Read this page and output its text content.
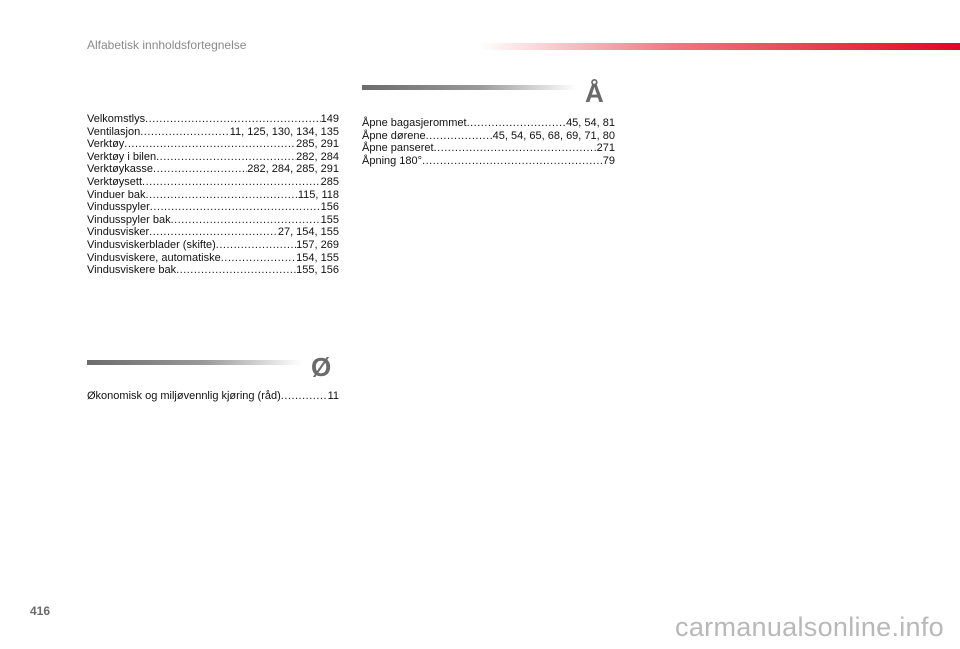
Alfabetisk innholdsfortegnelse
Velkomstlys .....	149
Ventilasjon .....	11, 125, 130, 134, 135
Verktøy .....	285, 291
Verktøy i bilen .....	282, 284
Verktøykasse .....	282, 284, 285, 291
Verktøysett .....	285
Vinduer bak .....	115, 118
Vindusspyler .....	156
Vindusspyler bak .....	155
Vindusvisker .....	27, 154, 155
Vindusviskerblader (skifte) .....	157, 269
Vindusviskere, automatiske .....	154, 155
Vindusviskere bak .....	155, 156
Å
Åpne bagasjerommet .....	45, 54, 81
Åpne dørene .....	45, 54, 65, 68, 69, 71, 80
Åpne panseret .....	271
Åpning 180° .....	79
Ø
Økonomisk og miljøvennlig kjøring (råd) .....	11
416
carmanualsonline.info
